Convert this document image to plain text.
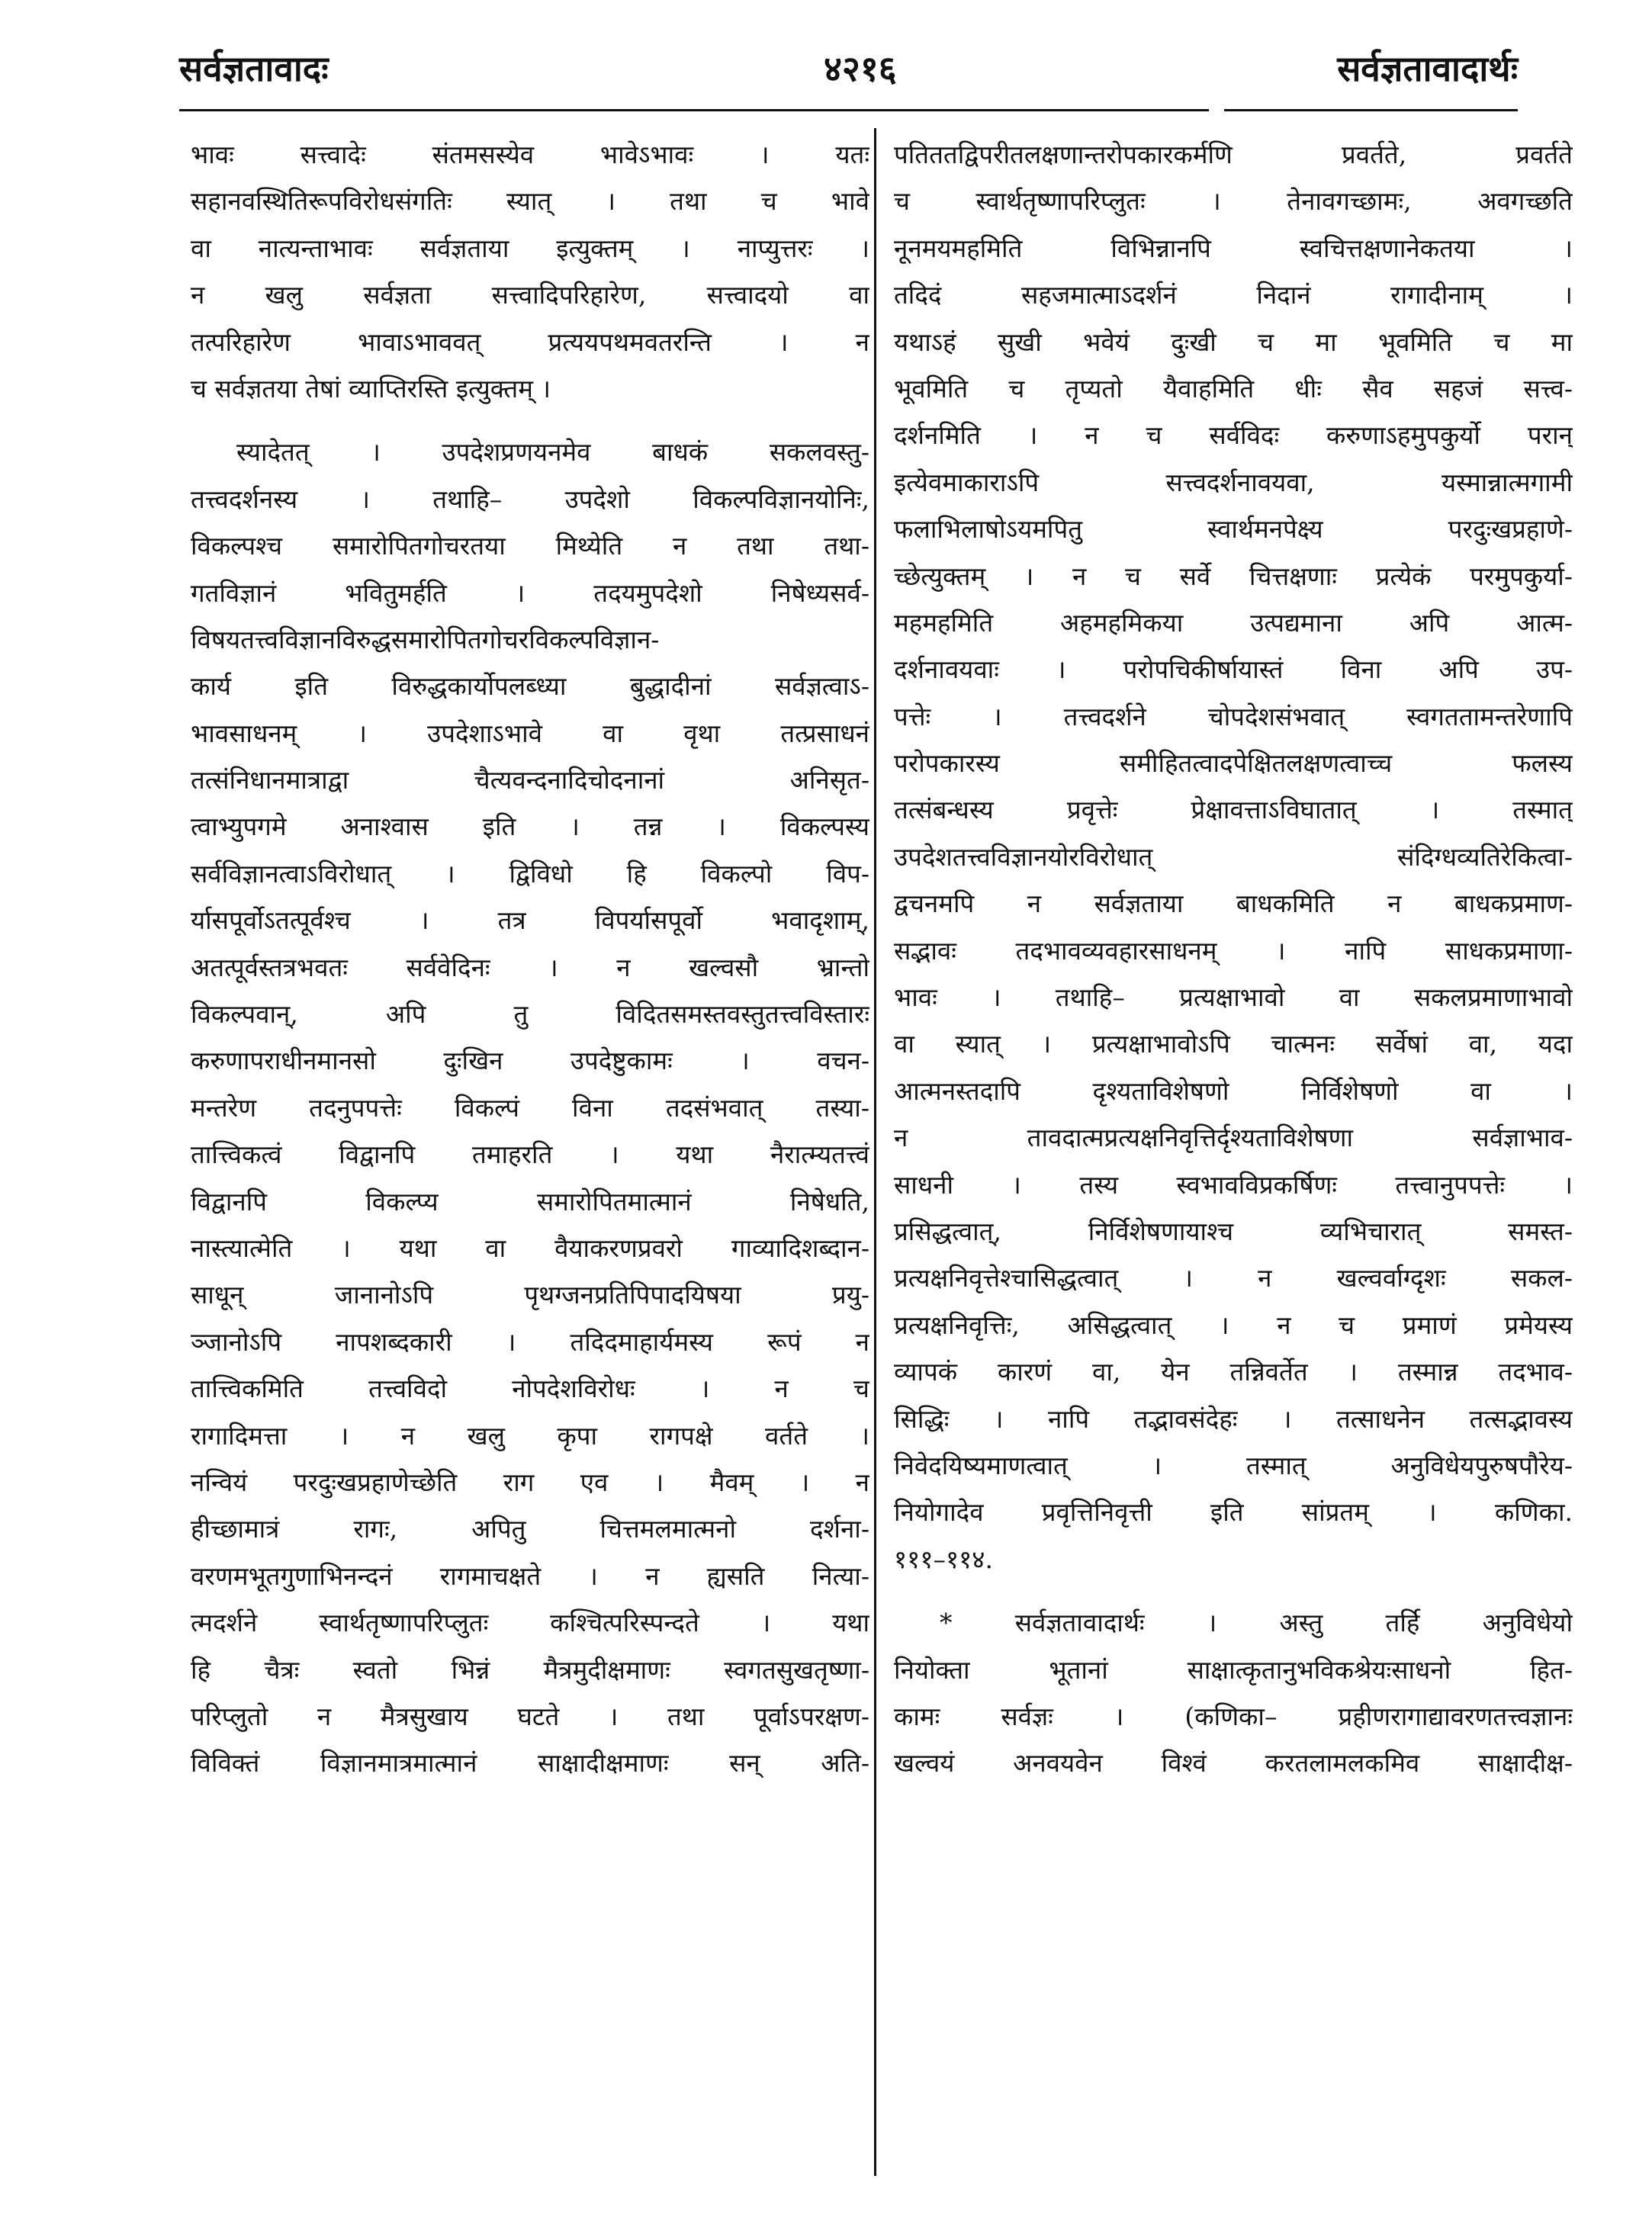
सर्वज्ञतावादः	४२१६	सर्वज्ञतावादार्थः
भावः सत्त्वादेः संतमसस्येव भावेऽभावः । यतः
सहानवस्थितिरूपविरोधसंगतिः स्यात् । तथा च भावे
वा नात्यन्ताभावः सर्वज्ञताया इत्युक्तम् । नाप्युत्तरः ।
न खलु सर्वज्ञता सत्त्वादिपरिहारेण, सत्त्वादयो वा
तत्परिहारेण भावाऽभाववत् प्रत्ययपथमवतरन्ति । न
च सर्वज्ञतया तेषां व्याप्तिरस्ति इत्युक्तम् ।
स्यादेतत् । उपदेशप्रणयनमेव बाधकं सकलवस्तु-
तत्त्वदर्शनस्य । तथाहि– उपदेशो विकल्पविज्ञानयोनिः,
विकल्पश्च समारोपितगोचरतया मिथ्येति न तथा तथा-
गतविज्ञानं भवितुमर्हति । तदयमुपदेशो निषेध्यसर्व-
विषयतत्त्वविज्ञानविरुद्धसमारोपितगोचरविकल्पविज्ञान-
कार्य इति विरुद्धकार्योपलब्ध्या बुद्धादीनां सर्वज्ञत्वाऽ-
भावसाधनम् । उपदेशाऽभावे वा वृथा तत्प्रसाधनं
तत्संनिधानमात्राद्वा चैत्यवन्दनादिचोदनानां अनिसृत-
त्वाभ्युपगमे अनाश्वास इति । तन्न । विकल्पस्य
सर्वविज्ञानत्वाऽविरोधात् । द्विविधो हि विकल्पो विप-
र्यासपूर्वोऽतत्पूर्वश्च । तत्र विपर्यासपूर्वो भवादृशाम्,
अतत्पूर्वस्तत्रभवतः सर्ववेदिनः । न खल्वसौ भ्रान्तो
विकल्पवान्, अपि तु विदितसमस्तवस्तुतत्त्वविस्तारः
करुणापराधीनमानसो दुःखिन उपदेष्टुकामः । वचन-
मन्तरेण तदनुपपत्तेः विकल्पं विना तदसंभवात् तस्या-
तात्त्विकत्वं विद्वानपि तमाहरति । यथा नैरात्म्यतत्त्वं
विद्वानपि विकल्प्य समारोपितमात्मानं निषेधति,
नास्त्यात्मेति । यथा वा वैयाकरणप्रवरो गाव्यादिशब्दान-
साधून् जानानोऽपि पृथग्जनप्रतिपिपादयिषया प्रयु-
ञ्जानोऽपि नापशब्दकारी । तदिदमाहार्यमस्य रूपं न
तात्त्विकमिति तत्त्वविदो नोपदेशविरोधः । न च
रागादिमत्ता । न खलु कृपा रागपक्षे वर्तते ।
नन्वियं परदुःखप्रहाणेच्छेति राग एव । मैवम् । न
हीच्छामात्रं रागः, अपितु चित्तमलमात्मनो दर्शना-
वरणमभूतगुणाभिनन्दनं रागमाचक्षते । न ह्यसति नित्या-
त्मदर्शने स्वार्थतृष्णापरिप्लुतः कश्चित्परिस्पन्दते । यथा
हि चैत्रः स्वतो भिन्नं मैत्रमुदीक्षमाणः स्वगतसुखतृष्णा-
परिप्लुतो न मैत्रसुखाय घटते । तथा पूर्वाऽपरक्षण-
विविक्तं विज्ञानमात्रमात्मानं साक्षादीक्षमाणः सन् अति-
पतिततद्विपरीतलक्षणान्तरोपकारकर्मणि प्रवर्तते, प्रवर्तते
च स्वार्थतृष्णापरिप्लुतः । तेनावगच्छामः, अवगच्छति
नूनमयमहमिति विभिन्नानपि स्वचित्तक्षणानेकतया ।
तदिदं सहजमात्माऽदर्शनं निदानं रागादीनाम् ।
यथाऽहं सुखी भवेयं दुःखी च मा भूवमिति च मा
भूवमिति च तृप्यतो यैवाहमिति धीः सैव सहजं सत्त्व-
दर्शनमिति । न च सर्वविदः करुणाऽहमुपकुर्यो परान्
इत्येवमाकाराऽपि सत्त्वदर्शनावयवा, यस्मान्नात्मगामी
फलाभिलाषोऽयमपितु स्वार्थमनपेक्ष्य परदुःखप्रहाणे-
च्छेत्युक्तम् । न च सर्वे चित्तक्षणाः प्रत्येकं परमुपकुर्या-
महमहमिति अहमहमिकया उत्पद्यमाना अपि आत्म-
दर्शनावयवाः । परोपचिकीर्षायास्तं विना अपि उप-
पत्तेः । तत्त्वदर्शने चोपदेशसंभवात् स्वगततामन्तरेणापि
परोपकारस्य समीहितत्वादपेक्षितलक्षणत्वाच्च फलस्य
तत्संबन्धस्य प्रवृत्तेः प्रेक्षावत्ताऽविघातात् । तस्मात्
उपदेशतत्त्वविज्ञानयोरविरोधात् संदिग्धव्यतिरेकित्वा-
द्वचनमपि न सर्वज्ञताया बाधकमिति न बाधकप्रमाण-
सद्भावः तदभावव्यवहारसाधनम् । नापि साधकप्रमाणा-
भावः । तथाहि– प्रत्यक्षाभावो वा सकलप्रमाणाभावो
वा स्यात् । प्रत्यक्षाभावोऽपि चात्मनः सर्वेषां वा, यदा
आत्मनस्तदापि दृश्यताविशेषणो निर्विशेषणो वा ।
न तावदात्मप्रत्यक्षनिवृत्तिर्दृश्यताविशेषणा सर्वज्ञाभाव-
साधनी । तस्य स्वभावविप्रकर्षिणः तत्त्वानुपपत्तेः ।
प्रसिद्धत्वात्, निर्विशेषणायाश्च व्यभिचारात् समस्त-
प्रत्यक्षनिवृत्तेश्चासिद्धत्वात् । न खल्वर्वाग्दृशः सकल-
प्रत्यक्षनिवृत्तिः, असिद्धत्वात् । न च प्रमाणं प्रमेयस्य
व्यापकं कारणं वा, येन तन्निवर्तेत । तस्मान्न तदभाव-
सिद्धिः । नापि तद्भावसंदेहः । तत्साधनेन तत्सद्भावस्य
निवेदयिष्यमाणत्वात् । तस्मात् अनुविधेयपुरुषपौरेय-
नियोगादेव प्रवृत्तिनिवृत्ती इति सांप्रतम् । कणिका.
१११–११४.
* सर्वज्ञतावादार्थः । अस्तु तर्हि अनुविधेयो
नियोक्ता भूतानां साक्षात्कृतानुभविकश्रेयःसाधनो हित-
कामः सर्वज्ञः । (कणिका– प्रहीणरागाद्यावरणतत्त्वज्ञानः
खल्वयं अनवयवेन विश्वं करतलामलकमिव साक्षादीक्ष-
